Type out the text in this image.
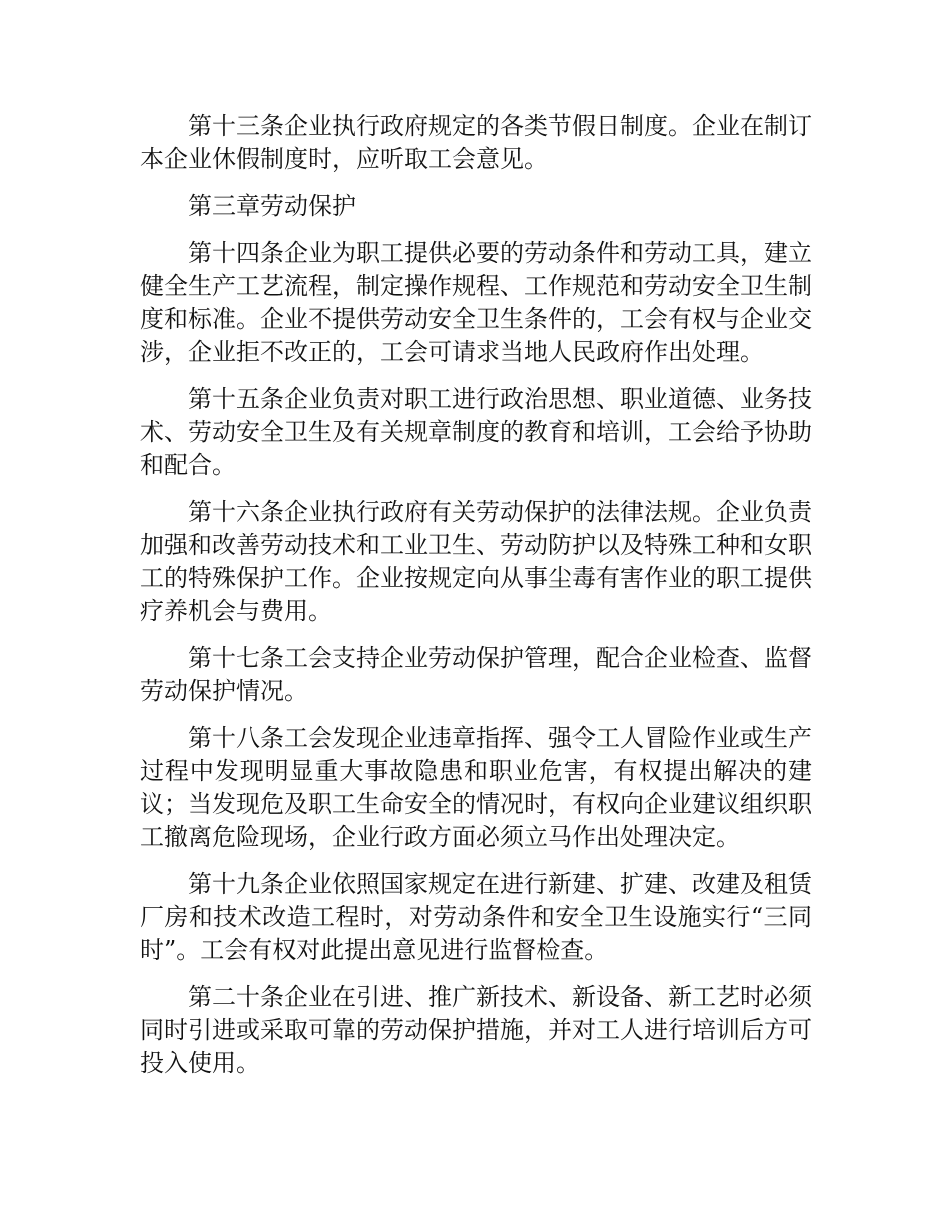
第十三条企业执行政府规定的各类节假日制度。企业在制订本企业休假制度时，应听取工会意见。

第三章劳动保护

第十四条企业为职工提供必要的劳动条件和劳动工具，建立健全生产工艺流程，制定操作规程、工作规范和劳动安全卫生制度和标准。企业不提供劳动安全卫生条件的，工会有权与企业交涉，企业拒不改正的，工会可请求当地人民政府作出处理。

第十五条企业负责对职工进行政治思想、职业道德、业务技术、劳动安全卫生及有关规章制度的教育和培训，工会给予协助和配合。

第十六条企业执行政府有关劳动保护的法律法规。企业负责加强和改善劳动技术和工业卫生、劳动防护以及特殊工种和女职工的特殊保护工作。企业按规定向从事尘毒有害作业的职工提供疗养机会与费用。

第十七条工会支持企业劳动保护管理，配合企业检查、监督劳动保护情况。

第十八条工会发现企业违章指挥、强令工人冒险作业或生产过程中发现明显重大事故隐患和职业危害，有权提出解决的建议；当发现危及职工生命安全的情况时，有权向企业建议组织职工撤离危险现场，企业行政方面必须立马作出处理决定。

第十九条企业依照国家规定在进行新建、扩建、改建及租赁厂房和技术改造工程时，对劳动条件和安全卫生设施实行“三同时”。工会有权对此提出意见进行监督检查。

第二十条企业在引进、推广新技术、新设备、新工艺时必须同时引进或采取可靠的劳动保护措施，并对工人进行培训后方可投入使用。
